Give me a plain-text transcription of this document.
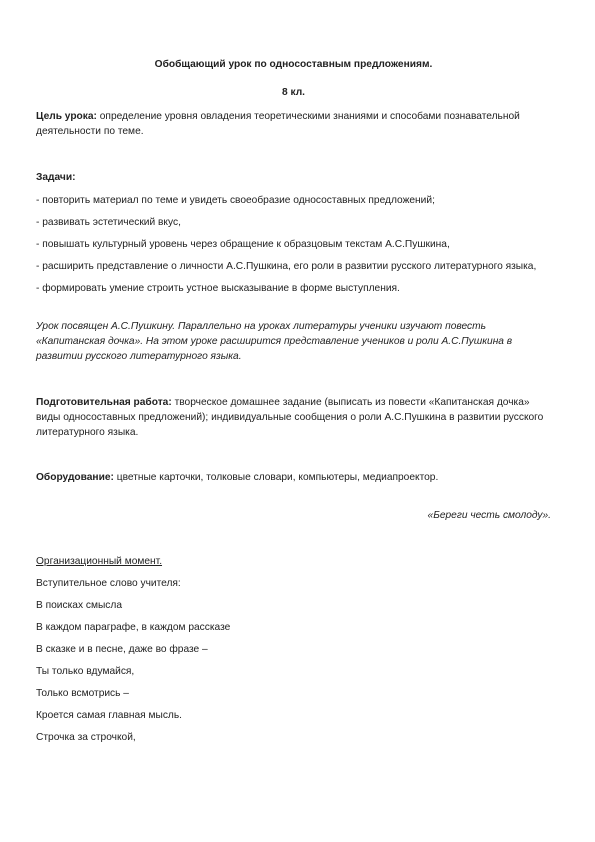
Обобщающий урок по односоставным предложениям.

8 кл.

Цель урока: определение уровня овладения теоретическими знаниями и способами познавательной деятельности по теме.

Задачи:

- повторить материал по теме и увидеть своеобразие односоставных предложений;

- развивать эстетический вкус,

- повышать культурный уровень через обращение к образцовым текстам А.С.Пушкина,

- расширить представление о личности А.С.Пушкина, его роли в развитии русского литературного языка,

- формировать умение строить устное высказывание в форме выступления.

Урок посвящен А.С.Пушкину. Параллельно на уроках литературы ученики изучают повесть «Капитанская дочка». На этом уроке расширится представление учеников и роли А.С.Пушкина в развитии русского литературного языка.

Подготовительная работа: творческое домашнее задание (выписать из повести «Капитанская дочка» виды односоставных предложений); индивидуальные сообщения о роли А.С.Пушкина в развитии русского литературного языка.

Оборудование: цветные карточки, толковые словари, компьютеры, медиапроектор.

«Береги честь смолоду».

Организационный момент.

Вступительное слово учителя:

В поисках смысла

В каждом параграфе, в каждом рассказе

В сказке и в песне, даже во фразе –

Ты только вдумайся,

Только всмотрись –

Кроется самая главная мысль.

Строчка за строчкой,
